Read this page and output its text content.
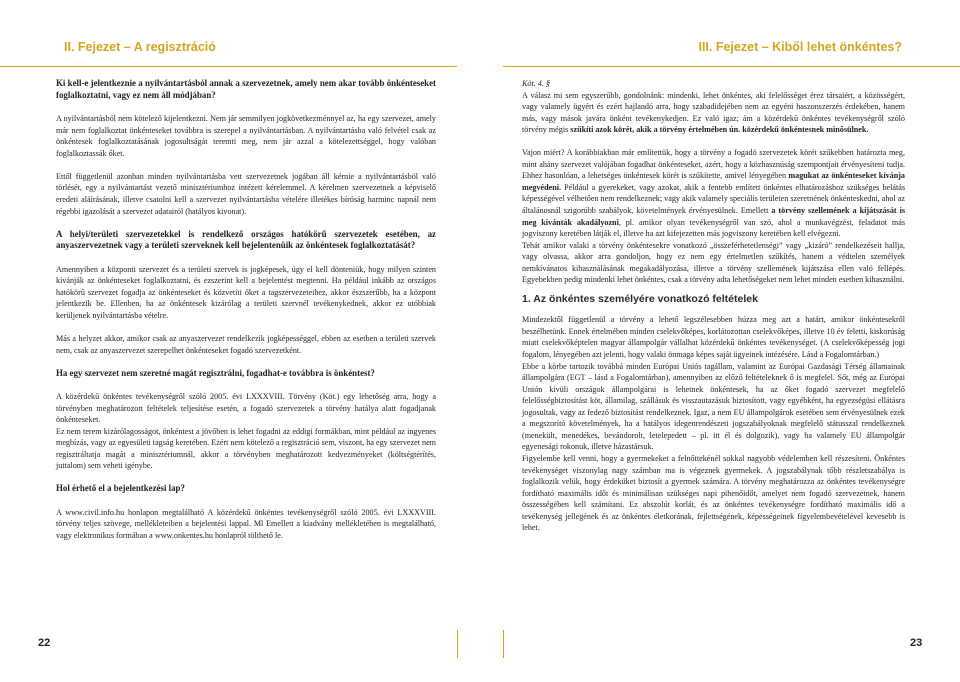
II. Fejezet – A regisztráció	III. Fejezet – Kiből lehet önkéntes?

Ki kell-e jelentkeznie a nyilvántartásból annak a szervezetnek, amely nem akar tovább önkénteseket foglalkoztatni, vagy ez nem áll módjában?

A nyilvántartásból nem kötelező kijelentkezni. Nem jár semmilyen jogkövetkezménnyel az, ha egy szervezet, amely már nem foglalkoztat önkénteseket továbbra is szerepel a nyilvántartásban. A nyilvántartásba való felvétel csak az önkéntesek foglalkoztatásának jogosultságát teremti meg, nem jár azzal a kötelezettséggel, hogy valóban foglalkoztassák őket.

Ettől függetlenül azonban minden nyilvántartásba vett szervezetnek jogában áll kérnie a nyilvántartásból való törlését, egy a nyilvántartást vezető minisztériumhoz intézett kérelemmel. A kérelmen szervezetnek a képviselő eredeti aláírásának, illetve csatolni kell a szervezet nyilvántartásba vételére illetékes bíróság harminc napnál nem régebbi igazolását a szervezet adatairól (hatályos kivonat).

A helyi/területi szervezetekkel is rendelkező országos hatókörű szervezetek esetében, az anyaszervezetnek vagy a területi szerveknek kell bejelentenüik az önkéntesek foglalkoztatását?

Amennyiben a központi szervezet és a területi szervek is jogképesek, úgy el kell dönteniük, hogy milyen szinten kívánják az önkénteseket foglalkoztatni, és ezszerint kell a bejelentést megtenni. Ha például inkább az országos hatókörű szervezet fogadja az önkénteseket és közvetíti őket a tagszervezeteihez, akkor észszerűbb, ha a központ jelentkezik be. Ellenben, ha az önkéntesek kizárólag a területi szervnél tevékenykednek, akkor ez utóbbiak kerüljenek nyilvántartásba vételre.

Más a helyzet akkor, amikor csak az anyaszervezet rendelkezik jogképességgel, ebben az esetben a területi szervek nem, csak az anyaszervezet szerepelhet önkénteseket fogadó szervezetként.

Ha egy szervezet nem szeretné magát regisztrálni, fogadhat-e továbbra is önkéntest?

A közérdekű önkéntes tevékenységről szóló 2005. évi LXXXVIII. Törvény (Köt.) egy lehetőség arra, hogy a törvényben meghatározott feltételek teljesítése esetén, a fogadó szervezetek a törvény hatálya alatt fogadjanak önkénteseket.

Ez nem terem kizárólagosságot, önkéntest a jövőben is lehet fogadni az eddigi formákban, mint például az ingyenes megbízás, vagy az egyesületi tagság keretében. Ezért nem kötelező a regisztráció sem, viszont, ha egy szervezet nem regisztráltatja magát a minisztériumnál, akkor a törvényben meghatározott kedvezményeket (költségtérítés, juttalom) sem veheti igénybe.

Hol érhető el a bejelentkezési lap?

A www.civil.info.hu honlapon megtalálható A közérdekű önkéntes tevékenységről szóló 2005. évi LXXXVIII. törvény teljes szövege, mellékleteiben a bejelentési lappal. Ml Emellett a kiadvány mellékletében is megtalálható, vagy elektronikus formában a www.onkentes.hu honlapról tölthető le.

Köt. 4. §

A válasz mi sem egyszerűbb, gondolnánk: mindenki, lehet önkéntes, aki felelősséget érez társaiért, a közösségért, vagy valamely ügyért és ezért hajlandó arra, hogy szabadidejében nem az egyéni haszonszerzés érdekében, hanem más, vagy mások javára önként tevékenykedjen. Ez való igaz; ám a közérdekű önkéntes tevékenységről szóló törvény mégis szűkíti azok körét, akik a törvény értelmében ún. közérdekű önkéntesnek minősülnek.

Vajon miért? A korábbiakban már említettük, hogy a törvény a fogadó szervezetek körét szűkebben határozta meg, mint ahány szervezet valójában fogadhat önkénteseket, azért, hogy a közhasznúság szempontjait érvényesíteni tudja. Ehhez hasonlóan, a lehetséges önkéntesek körét is szűkítette, amivel lényegében magukat az önkénteseket kívánja megvédeni. Például a gyerekeket, vagy azokat, akik a fentebb említett önkéntes elhatározáshoz szükséges belátás képességével vélhetően nem rendelkeznek; vagy akik valamely speciális területen szeretnének önkénteskedni, ahol az általánosnál szigorúbb szabályok, követelmények érvényesülnek. Emellett a törvény szellemének a kijátszását is meg kívánták akadályozni, pl. amikor olyan tevékenységről van szó, ahol a munkavégzést, feladatot más jogviszony keretében látják el, illetve ha azt kifejezetten más jogviszony keretében kell elvégezni.

Tehát amikor valaki a törvény önkéntesekre vonatkozó „összeférhetetlenségi” vagy „kizáró” rendelkezéseit hallja, vagy olvassa, akkor arra gondoljon, hogy ez nem egy értelmetlen szűkítés, hanem a védtelen személyek nemkívánatos kihasználásának megakadályozása, illetve a törvény szellemének kijátszása ellen való fellépés. Egyebekben pedig mindenki lehet önkéntes, csak a törvény adta lehetőségeket nem lehet minden esetben kihasználni.

1. Az önkéntes személyére vonatkozó feltételek

Mindezektől függetlenül a törvény a lehető legszélesebben húzza meg azt a határt, amikor önkéntesekről beszélhetünk. Ennek értelmében minden cselekvőképes, korlátozottan cselekvőképes, illetve 10 év feletti, kiskorúság miatt cselekvőképtelen magyar állampolgár vállalhat közérdekű önkéntes tevékenységet. (A cselekvőképesség jogi fogalom, lényegében azt jelenti, hogy valaki önmaga képes saját ügyeinek intézésére. Lásd a Fogalomtárban.)

Ebbe a körbe tartozik továbbá minden Európai Uniós tagállam, valamint az Európai Gazdasági Térség államainak állampolgára (EGT – lásd a Fogalomtárban), amennyiben az előző feltételeknek ő is megfelel. Sőt, még az Európai Unión kívüli országok állampolgárai is lehetnek önkéntesek, ha az őket fogadó szervezet megfelelő felelősségbiztosítást köt, államilag, szállásuk és visszautazásuk biztosított, vagy egyébként, ha egyezségüsi ellátásra jogosultak, vagy az fedező biztosítást rendelkeznek. Igaz, a nem EU állampolgárok esetében sem érvényesülnek ezek a megszorító követelmények, ha a hatályos idegenrendészeti jogszabályoknak megfelelő státusszal rendelkeznek (menekült, menedékes, bevándorolt, letelepedett – pl. itt él és dolgozik), vagy ha valamely EU állampolgár egyenesági rokonuk, illetve házastársuk.

Figyelembe kell venni, hogy a gyermekeket a felnőttekénél sokkal nagyobb védelemben kell részesíteni. Önkéntes tevékenységet viszonylag nagy számban ma is végeznek gyermekek. A jogszabálynak tőbb részletszabálya is foglalkozik velük, hogy érdeküket biztosít a gyermek számára. A törvény meghatározza az önkéntes tevékenységre fordítható maximális időt és minimálisan szükséges napi pihenőidőt, amelyet nem fogadó szervezetnek, hanem összességében kell számítani. Ez abszolút korlát, és az önkéntes tevékenységre fordítható maximális idő a tevékenység jellegének és az önkéntes életkorának, fejlettségének, képességeinek figyelembevételével kevesebb is lehet.

22	23
